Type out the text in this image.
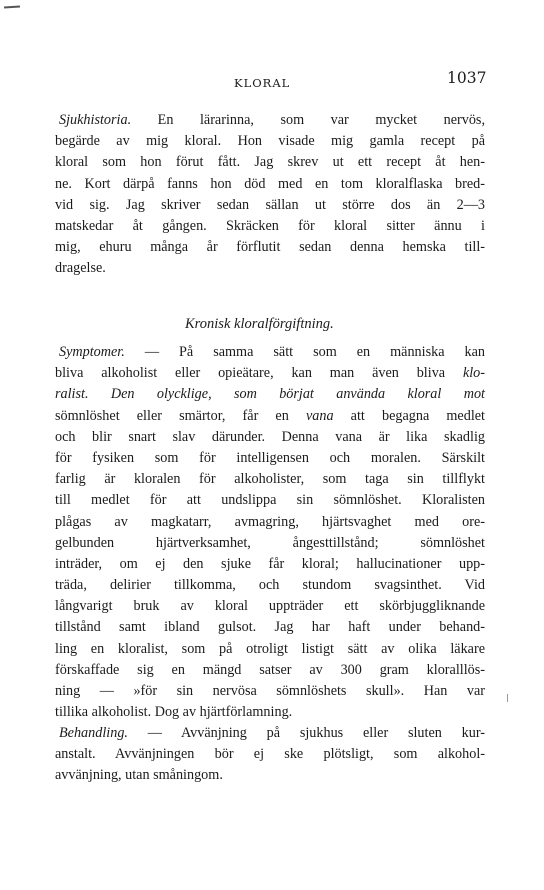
KLORAL	1037
Sjukhistoria. En lärarinna, som var mycket nervös,
begärde av mig kloral. Hon visade mig gamla recept på
kloral som hon förut fått. Jag skrev ut ett recept åt hen-
ne. Kort därpå fanns hon död med en tom kloralflaska bred-
vid sig. Jag skriver sedan sällan ut större dos än 2—3
matskedar åt gången. Skräcken för kloral sitter ännu i
mig, ehuru många år förflutit sedan denna hemska till-
dragelse.
Kronisk kloralförgiftning.
Symptomer. — På samma sätt som en människa kan
bliva alkoholist eller opieätare, kan man även bliva klo-
ralist. Den olycklige, som börjat använda kloral mot
sömnlöshet eller smärtor, får en vana att begagna medlet
och blir snart slav därunder. Denna vana är lika skadlig
för fysiken som för intelligensen och moralen. Särskilt
farlig är kloralen för alkoholister, som taga sin tillflykt
till medlet för att undslippa sin sömnlöshet. Kloralisten
plågas av magkatarr, avmagring, hjärtsvaghet med ore-
gelbunden hjärtverksamhet, ångesttillstånd; sömnlöshet
inträder, om ej den sjuke får kloral; hallucinationer upp-
träda, delirier tillkomma, och stundom svagsinthet. Vid
långvarigt bruk av kloral uppträder ett skörbjuggliknande
tillstånd samt ibland gulsot. Jag har haft under behand-
ling en kloralist, som på otroligt listigt sätt av olika läkare
förskaffade sig en mängd satser av 300 gram kloralllös-
ning — »för sin nervösa sömnlöshets skull». Han var
tillika alkoholist. Dog av hjärtförlamning.
Behandling. — Avvänjning på sjukhus eller sluten kur-
anstalt. Avvänjningen bör ej ske plötsligt, som alkohol-
avvänjning, utan småningom.
